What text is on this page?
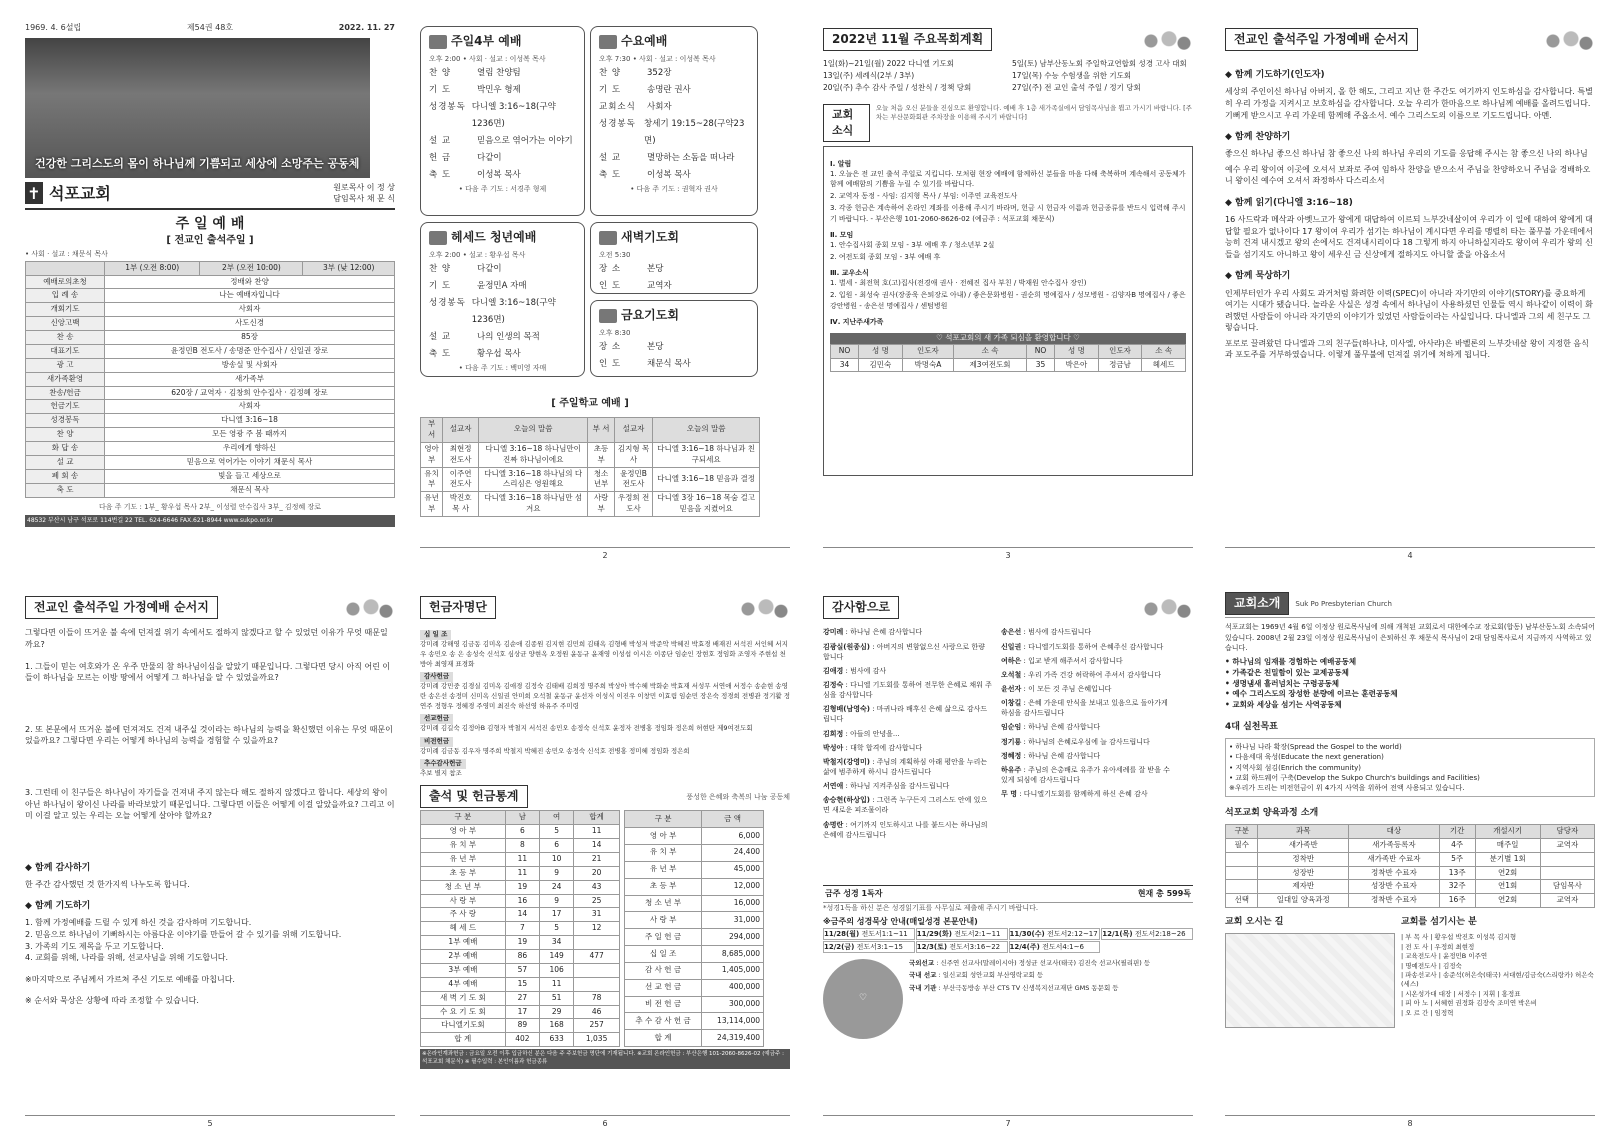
1969. 4. 6설립	제54권 48호	2022. 11. 27
건강한 그리스도의 몸이 하나님께 기쁨되고 세상에 소망주는 공동체
✝ 석포교회	원로목사 이 정 상
담임목사 채 문 식
주 일 예 배
[ 전교인 출석주일 ]
• 사회 · 설교 : 채문식 목사
	1부 (오전 8:00)	2부 (오전 10:00)	3부 (낮 12:00)
예배로의초청	정배와 찬양		
입 례 송	나는 예배자입니다		
개회기도	사회자		
신앙고백	사도신경		
찬 송	85장		
대표기도	윤정민B 전도사 / 송명준 안수집사 / 신일권 장로		
광 고	방송실 및 사회자		
새가족환영	새가족부		
찬송/헌금	620장 / 교역자 · 김창희 안수집사 · 김정혜 장로		
헌금기도	사회자		
성경봉독	다니엘 3:16~18		
찬 양	모든 영광 주 봄 때까지		
화 답 송	우리에게 향하신		
설 교	믿음으로 역어가는 이야기 채문식 목사		
폐 회 송	빛을 들고 세상으로		
축 도	채문식 목사		
다음 주 기도 : 1부_ 황우섭 목사 2부_ 이성렬 안수집사 3부_ 김정혜 장로
48532 부산시 남구 석포로 114번길 22 TEL. 624-6646 FAX.621-8944 www.sukpo.or.kr
주일4부 예배
오후 2:00 • 사회 · 설교 : 이성복 목사
찬 양	열림 찬양팀
기 도	박민우 형제
성경봉독 다니엘 3:16~18(구약1236면)
설 교	믿음으로 엮어가는 이야기
헌 금	다같이
축 도	이성복 목사
• 다음 주 기도 : 서경주 형제
수요예배
오후 7:30 • 사회 · 설교 : 이성복 목사
찬 양	352장
기 도	송명란 권사
교회소식	사회자
성경봉독 창세기 19:15~28(구약23면)
설 교	멸망하는 소돔을 떠나라
축 도	이성복 목사
• 다음 주 기도 : 권혁자 권사
헤세드 청년예배
오후 2:00 • 설교 : 황우섭 목사
찬 양	다같이
기 도	윤정민A 자매
성경봉독 다니엘 3:16~18(구약1236면)
설 교	나의 인생의 목적
축 도	황우섭 목사
• 다음 주 기도 : 백미영 자매
새벽기도회
오전 5:30
장 소	본당
인 도	교역자
금요기도회
오후 8:30
장 소	본당
인 도	채문식 목사
[ 주일학교 예배 ]
부 서	설교자	오늘의 말씀	부 서	설교자	오늘의 말씀
영아부	최현정 전도사	다니엘 3:16~18 하나님만이 진짜 하나님이에요	초등부	김지형 목 사	다니엘 3:16~18 하나님과 친구되세요
유치부	이주연 전도사	다니엘 3:16~18 하나님의 다스리심은 영원해요	청소년부	윤정민B 전도사	다니엘 3:16~18 믿음과 결정
유년부	박진호 목 사	다니엘 3:16~18 하나님만 섬겨요	사랑부	우정희 전도사	다니엘 3장 16~18 목숨 걸고 믿음을 지켰어요
2
2022년 11월 주요목회계획
1일(화)~21일(월) 2022 다니엘 기도회	5일(토) 남부산동노회 주일학교연합회 성경 고사 대회
13일(주) 세례식(2부 / 3부)	17일(목) 수능 수험생을 위한 기도회
20일(주) 추수 감사 주일 / 성찬식 / 정책 당회	27일(주) 전 교인 출석 주일 / 정기 당회
교회소식
오늘 처음 오신 분들을 진심으로 환영합니다. 예배 후 1층 새가족실에서 담임목사님을 뵙고 가시기 바랍니다. [주차는 부산문화회관 주차장을 이용해 주시기 바랍니다]
Ⅰ. 알림
1. 오늘은 전 교인 출석 주일로 지킵니다. 모처럼 현장 예배에 함께하신 분들을 마음 다해 축복하며 계속해서 공동체가 함께 예배함의 기쁨을 누릴 수 있기를 바랍니다.
2. 교역자 동정 - 사임: 김지형 목사 / 부임: 이주연 교육전도사
3. 각종 헌금은 계속하여 온라인 계좌를 이용해 주시기 바라며, 헌금 시 헌금자 이름과 헌금종류를 반드시 입력해 주시기 바랍니다. - 부산은행 101-2060-8626-02 (예금주 : 석포교회 채문식)
Ⅱ. 모임
1. 안수집사회 종회 모임 - 3부 예배 후 / 청소년부 2실
2. 여전도회 종회 모임 - 3부 예배 후
Ⅲ. 교우소식
1. 별세 - 최전혁 호(고)집사(전경애 권사 · 전혜진 집사 부친 / 박재원 안수집사 장인)
2. 입원 - 최성숙 권사(장종욱 은퇴장로 아내) / 좋은문화병원 - 권순희 명예집사 / 성모병원 - 김양자B 명예집사 / 좋은강안병원 - 송은선 명예집사 / 센텀병원
Ⅳ. 지난주새가족
♡ 석포교회의 새 가족 되심을 환영합니다 ♡
NO	성 명	인도자	소 속	NO	성 명	인도자	소 속
34	김민숙	박명숙A	제3여전도회	35	박은아	정금남	헤세드
3
전교인 출석주일 가정예배 순서지
◆ 함께 기도하기(인도자)

세상의 주인이신 하나님 아버지, 올 한 해도, 그리고 지난 한 주간도 여기까지 인도하심을 감사합니다. 특별히 우리 가정을 지켜시고 보호하심을 감사합니다. 오늘 우리가 한마음으로 하나님께 예배를 올려드립니다. 기뻐게 받으시고 우리 가운데 함께해 주옵소서. 예수 그리스도의 이름으로 기도드립니다. 아멘.

◆ 함께 찬양하기

좋으신 하나님 좋으신 하나님 참 좋으신 나의 하나님 우리의 기도를 응답해 주시는 참 좋으신 나의 하나님

예수 우리 왕이여 이곳에 오셔서 보좌로 주여 임하사 찬양을 받으소서 주님을 찬양하오니 주님을 경배하오니 왕이신 예수여 오셔서 좌정하사 다스리소서

◆ 함께 읽기(다니엘 3:16~18)

16 사드락과 메삭과 아벳느고가 왕에게 대답하여 이르되 느부갓네살이여 우리가 이 일에 대하여 왕에게 대답할 필요가 없나이다 17 왕이여 우리가 섬기는 하나님이 계시다면 우리를 맹렬히 타는 풀무불 가운데에서 능히 건져 내시겠고 왕의 손에서도 건져내시리이다 18 그렇게 하지 아니하실지라도 왕이여 우리가 왕의 신들을 섬기지도 아니하고 왕이 세우신 금 신상에게 절하지도 아니할 줄을 아옵소서

◆ 함께 묵상하기

인제부터인가 우리 사회도 과거처럼 화려한 이력(SPEC)이 아니라 자기만의 이야기(STORY)를 중요하게 여기는 시대가 됐습니다. 놀라운 사실은 성경 속에서 하나님이 사용하셨던 인물들 역시 하나같이 이력이 화려했던 사람들이 아니라 자기만의 이야기가 있었던 사람들이라는 사실입니다. 다니엘과 그의 세 친구도 그렇습니다.

포로로 끌려왔던 다니엘과 그의 친구들(하나냐, 미사엘, 아사랴)은 바벨론의 느부갓네살 왕이 지정한 음식과 포도주를 거부하였습니다. 이렇게 풀무불에 던져질 위기에 처하게 됩니다.

4
전교인 출석주일 가정예배 순서지

그렇다면 이들이 뜨거운 불 속에 던져질 위기 속에서도 절하지 않겠다고 할 수 있었던 이유가 무엇 때문일까요?

1. 그들이 믿는 여호와가 온 우주 만물의 참 하나님이심을 알았기 때문입니다. 그렇다면 당시 아직 어린 이들이 하나님을 모르는 이방 땅에서 어떻게 그 하나님을 알 수 있었을까요?

2. 또 본문에서 뜨거운 불에 던져져도 건져 내주실 것이라는 하나님의 능력을 확신했던 이유는 무엇 때문이었을까요? 그렇다면 우리는 어떻게 하나님의 능력을 경험할 수 있을까요?

3. 그런데 이 친구들은 하나님이 자기들을 건져내 주지 않는다 해도 절하지 않겠다고 합니다. 세상의 왕이 아닌 하나님이 왕이신 나라를 바라보았기 때문입니다. 그렇다면 이들은 어떻게 이걸 알았을까요? 그리고 이미 이걸 알고 있는 우리는 오늘 어떻게 살아야 할까요?

◆ 함께 감사하기

한 주간 감사했던 것 한가지씩 나누도록 합니다.

◆ 함께 기도하기
1. 함께 가정예배를 드릴 수 있게 하신 것을 감사하며 기도합니다.
2. 믿음으로 하나님이 기뻐하시는 아름다운 이야기를 만들어 갈 수 있기를 위해 기도합니다.
3. 가족의 기도 제목을 두고 기도합니다.
4. 교회를 위해, 나라를 위해, 선교사님을 위해 기도합니다.

※마지막으로 주님께서 가르쳐 주신 기도로 예배를 마칩니다.

※ 순서와 묵상은 상황에 따라 조정할 수 있습니다.

5
헌금자명단
십 일 조
강미례 강해영 김금동 김미옥 김순애 김종원 김지현 김민희 김태옥 김형배 박성저 박준악 박혜진 박효경 배재진 서석진 서인혜 서지우 송민오 송 은 송성숙 신석호 심상균 양현옥 오정원 윤동규 윤재영 이성섭 이시은 이종단 임순인 장현호 정임화 조영자 주현섭 천방아 최영재 표경화
감사헌금
강미례 강민중 김경실 김미옥 김애경 김정숙 김태배 김희정 명주희 박상아 박수혜 박화순 박효재 서성무 서연애 서정수 송순현 송영란 송은선 송정미 신미옥 신일권 안미희 오석철 윤동규 윤선자 이성식 이진우 이창민 이효림 임순민 장은숙 정경희 전병관 정기활 정연주 정형우 정혜경 주영미 최진숙 하선영 하유주 주미령
선교헌금
강미례 김길숙 김정아B 김형자 박철지 서석진 송민오 송정숙 신석호 윤정자 전병홍 정임화 정은희 허현탄 제9여전도회
비전헌금
강미례 김금동 김우자 명주희 박철지 박혜진 송민오 송정숙 신석호 전병홍 정미혜 정임화 정은희
추수감사헌금
추보 별지 참조
출석 및 헌금통계	풍성한 은혜와 축복의 나눔 공동체
구 분	남	여	합계
영 아 부	6	5	11
유 치 부	8	6	14
유 년 부	11	10	21
초 등 부	11	9	20
청 소 년 부	19	24	43
사 랑 부	16	9	25
주 사 랑	14	17	31
헤 세 드	7	5	12
1부 예배	19	34	
2부 예배	86	149	477
3부 예배	57	106	
4부 예배	15	11	
새 벽 기 도 회	27	51	78
수 요 기 도 회	17	29	46
다니엘기도회	89	168	257
합 계	402	633	1,035
구 분	금 액
영 아 부	6,000
유 치 부	24,400
유 년 부	45,000
초 등 부	12,000
청 소 년 부	16,000
사 랑 부	31,000
주 일 헌 금	294,000
십 일 조	8,685,000
감 사 헌 금	1,405,000
선 교 헌 금	400,000
비 전 헌 금	300,000
추 수 감 사 헌 금	13,114,000
합 계	24,319,400
※온라인계좌헌금 : 금요일 오전 이후 입금하신 분은 다음 주 주보헌금 명단에 기재됩니다. ※교회 온라인헌금 : 부산은행 101-2060-8626-02 (예금주 : 석포교회 채문식) ※ 필수입력 : 본인이름과 헌금종류
6
감사함으로
강미례 : 하나님 은혜 감사합니다
김광실(원종심) : 아버지의 변함없으신 사랑으로 한량 합니다
김애경 : 범사에 감사
김정숙 : 다니엘 기도회를 통하여 전무한 은혜로 채워 주심을 감사합니다
김형배(남영숙) : 마귀나라 배후신 은혜 삶으로 감사드립니다
김희정 : 아들의 안녕을...
박성아 : 대학 합격에 감사합니다
박철지(강영미) : 주님의 계획하심 아래 평안을 누리는 삶에 범주하게 하시니 감사드립니다
서연애 : 하나님 지켜주심을 감사드립니다
송승현(하상입) : 그런즉 누구든지 그리스도 안에 있으면 새로운 피조물이라
송명란 : 여기까지 인도하시고 나를 붙드시는 하나님의 은혜에 감사드립니다
송은선 : 범사에 감사드립니다
신일권 : 다니엘기도회를 통하여 은혜주신 감사합니다
여하은 : 입교 받게 해주셔서 감사합니다
오석철 : 우리 가족 건강 허락하여 주셔서 감사합니다
윤선자 : 이 모든 것 주님 은혜입니다
이창길 : 은혜 가운데 안식을 보내고 있음으로 돌아가게 하심을 감사드립니다
임순임 : 하나님 은혜 감사합니다
정기룡 : 하나님의 은혜로우심에 늘 감사드립니다
정혜정 : 하나님 은혜 감사합니다
하유주 : 주님의 은총배로 유주가 유아세례를 잘 받을 수 있게 되심에 감사드립니다
무 명 : 다니엘기도회를 함께하게 하신 은혜 감사
금주 성경 1독자	현재 총 599독
*성경1독을 하신 분은 성경읽기표를 사무실로 제출해 주시기 바랍니다.
※금주의 성경묵상 안내(매일성경 본문안내)
11/28(월) 전도서1:1~11	11/29(화) 전도서2:1~11	11/30(수) 전도서2:12~17 12/1(목) 전도서2:18~26
12/2(금) 전도서3:1~15	12/3(토) 전도서3:16~22	12/4(주) 전도서4:1~6
♡
국외선교 : 신주연 선교사(말레이시아) 정성균 선교사(태국) 김진숙 선교사(필리핀) 등
국내 선교 : 일신교회 성안교회 부산영락교회 등
국내 기관 : 부산극동방송 부산 CTS TV 신생복지선교재단 GMS 동문회 등
7
교회소개	Suk Po Presbyterian Church

석포교회는 1969년 4월 6일 이정상 원로목사님에 의해 개척된 교회로서 대한예수교 장로회(합동) 남부산동노회 소속되어 있습니다. 2008년 2월 23일 이정상 원로목사님이 은퇴하신 후 채문식 목사님이 2대 담임목사로서 지금까지 사역하고 있습니다.

• 하나님의 임재를 경험하는 예배공동체
• 가족같은 친밀함이 있는 교제공동체
• 생명냄새 흘러넘치는 구령공동체
• 예수 그리스도의 장성한 분량에 이르는 훈련공동체
• 교회와 세상을 섬기는 사역공동체
4대 실천목표
• 하나님 나라 확장(Spread the Gospel to the world)
• 다음세대 육성(Educate the next generation)
• 지역사회 섬김(Enrich the community)
• 교회 하드웨어 구축(Develop the Sukpo Church's buildings and Facilities)
※우리가 드리는 비전헌금이 위 4가지 사역을 위하여 전액 사용되고 있습니다.
석포교회 양육과정 소개
구분	과목	대상	기간	개설시기	담당자
필수	새가족반	새가족등록자	4주	매주일	교역자
	정착반	새가족반 수료자	5주	분기별 1회	
	성장반	정착반 수료자	13주	연2회	
	제자반	성장반 수료자	32주	연1회	담임목사
선택	일대일 양육과정	정착반 수료자	16주	연2회	교역자
교회 오시는 길	교회를 섬기시는 분
| 부 목 사 | 황우섭 박진호 이성복 김지형
| 전 도 사 | 우정희 최현정
| 교육전도사 | 윤정민B 이주연
| 명예전도사 | 김정숙
| 파송선교사 | 송준석(허은숙(태국) 서대현/김금숙(스리랑카) 허은숙(세스)
| 시온성가대 대장 | 서정수 | 지휘 | 홍정표
| 피 아 노 | 서혜현 권정화 김장숙 조미연 박은비
| 오 르 간 | 임정혁
8
